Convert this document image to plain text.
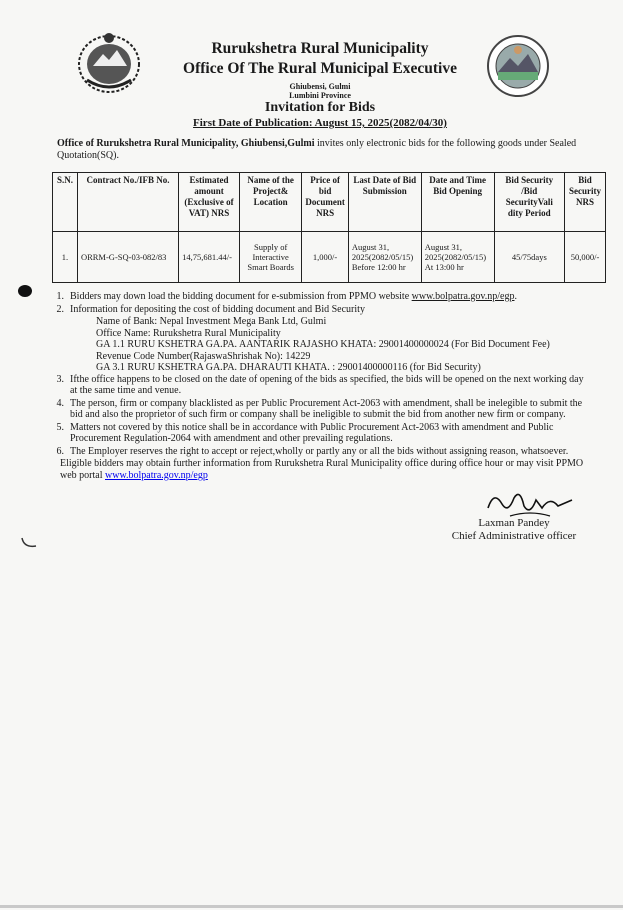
Rurukshetra Rural Municipality
Office Of The Rural Municipal Executive
Ghiubensi, Gulmi
Lumbini Province
Invitation for Bids
First Date of Publication: August 15, 2025(2082/04/30)
Office of Rurukshetra Rural Municipality, Ghiubensi,Gulmi invites only electronic bids for the following goods under Sealed Quotation(SQ).
S.N.	Contract No./IFB No.	Estimated amount (Exclusive of VAT) NRS	Name of the Project& Location	Price of bid Document NRS	Last Date of Bid Submission	Date and Time Bid Opening	Bid Security /Bid SecurityVali dity Period	Bid Security NRS
1.	ORRM-G-SQ-03-082/83	14,75,681.44/-	Supply of Interactive Smart Boards	1,000/-	August 31, 2025(2082/05/15) Before 12:00 hr	August 31, 2025(2082/05/15) At 13:00 hr	45/75days	50,000/-
1. Bidders may down load the bidding document for e-submission from PPMO website www.bolpatra.gov.np/egp.
2. Information for depositing the cost of bidding document and Bid Security
Name of Bank: Nepal Investment Mega Bank Ltd, Gulmi
Office Name: Rurukshetra Rural Municipality
GA 1.1 RURU KSHETRA GA.PA. AANTARIK RAJASHO KHATA: 29001400000024 (For Bid Document Fee)
Revenue Code Number(RajaswaShrishak No): 14229
GA 3.1 RURU KSHETRA GA.PA. DHARAUTI KHATA. : 29001400000116 (for Bid Security)
3. Ifthe office happens to be closed on the date of opening of the bids as specified, the bids will be opened on the next working day at the same time and venue.
4. The person, firm or company blacklisted as per Public Procurement Act-2063 with amendment, shall be inelegible to submit the bid and also the proprietor of such firm or company shall be ineligible to submit the bid from another new firm or company.
5. Matters not covered by this notice shall be in accordance with Public Procurement Act-2063 with amendment and Public Procurement Regulation-2064 with amendment and other prevailing regulations.
6. The Employer reserves the right to accept or reject,wholly or partly any or all the bids without assigning reason, whatsoever.
Eligible bidders may obtain further information from Rurukshetra Rural Municipality office during office hour or may visit PPMO web portal www.bolpatra.gov.np/egp
Laxman Pandey
Chief Administrative officer
